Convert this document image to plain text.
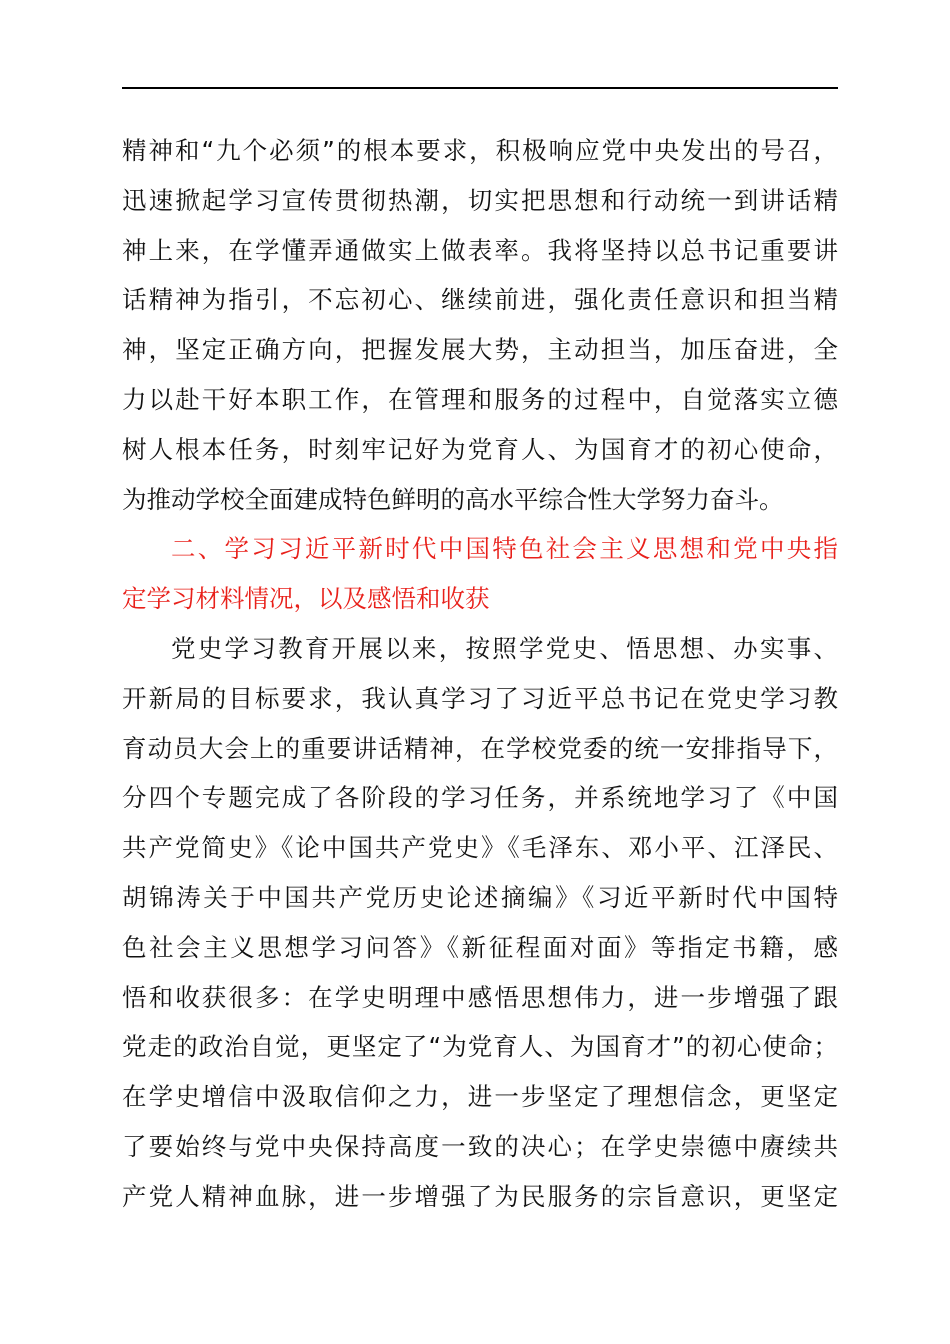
精神和“九个必须”的根本要求，积极响应党中央发出的号召，
迅速掀起学习宣传贯彻热潮，切实把思想和行动统一到讲话精
神上来，在学懂弄通做实上做表率。我将坚持以总书记重要讲
话精神为指引，不忘初心、继续前进，强化责任意识和担当精
神，坚定正确方向，把握发展大势，主动担当，加压奋进，全
力以赴干好本职工作，在管理和服务的过程中，自觉落实立德
树人根本任务，时刻牢记好为党育人、为国育才的初心使命，
为推动学校全面建成特色鲜明的高水平综合性大学努力奋斗。
二、学习习近平新时代中国特色社会主义思想和党中央指
定学习材料情况，以及感悟和收获
党史学习教育开展以来，按照学党史、悟思想、办实事、
开新局的目标要求，我认真学习了习近平总书记在党史学习教
育动员大会上的重要讲话精神，在学校党委的统一安排指导下，
分四个专题完成了各阶段的学习任务，并系统地学习了《中国
共产党简史》《论中国共产党史》《毛泽东、邓小平、江泽民、
胡锦涛关于中国共产党历史论述摘编》《习近平新时代中国特
色社会主义思想学习问答》《新征程面对面》等指定书籍，感
悟和收获很多：在学史明理中感悟思想伟力，进一步增强了跟
党走的政治自觉，更坚定了“为党育人、为国育才”的初心使命；
在学史增信中汲取信仰之力，进一步坚定了理想信念，更坚定
了要始终与党中央保持高度一致的决心；在学史崇德中赓续共
产党人精神血脉，进一步增强了为民服务的宗旨意识，更坚定
